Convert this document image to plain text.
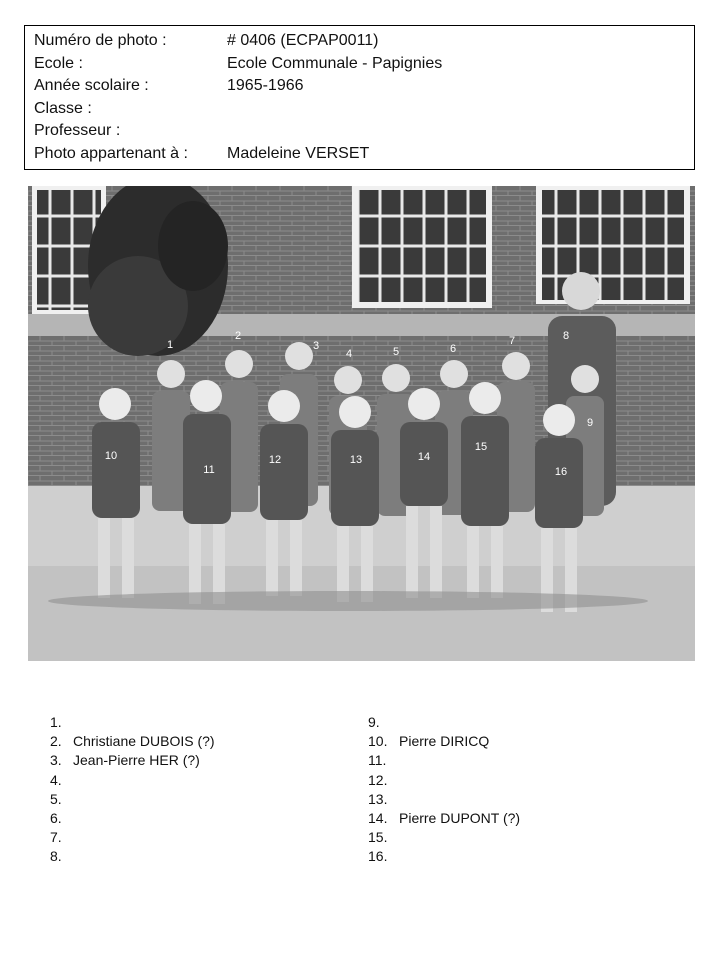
Numéro de photo :	# 0406 (ECPAP0011)
Ecole :	Ecole Communale - Papignies
Année scolaire :	1965-1966
Classe :
Professeur :
Photo appartenant à : Madeleine VERSET
1
2
3
4	5	6
7	8
9
10
11
12	13	14
15
16
1.
2. Christiane DUBOIS (?)
3. Jean-Pierre HER (?)
4.
5.
6.
7.
8.
9.
10. Pierre DIRICQ
11.
12.
13.
14. Pierre DUPONT (?)
15.
16.
